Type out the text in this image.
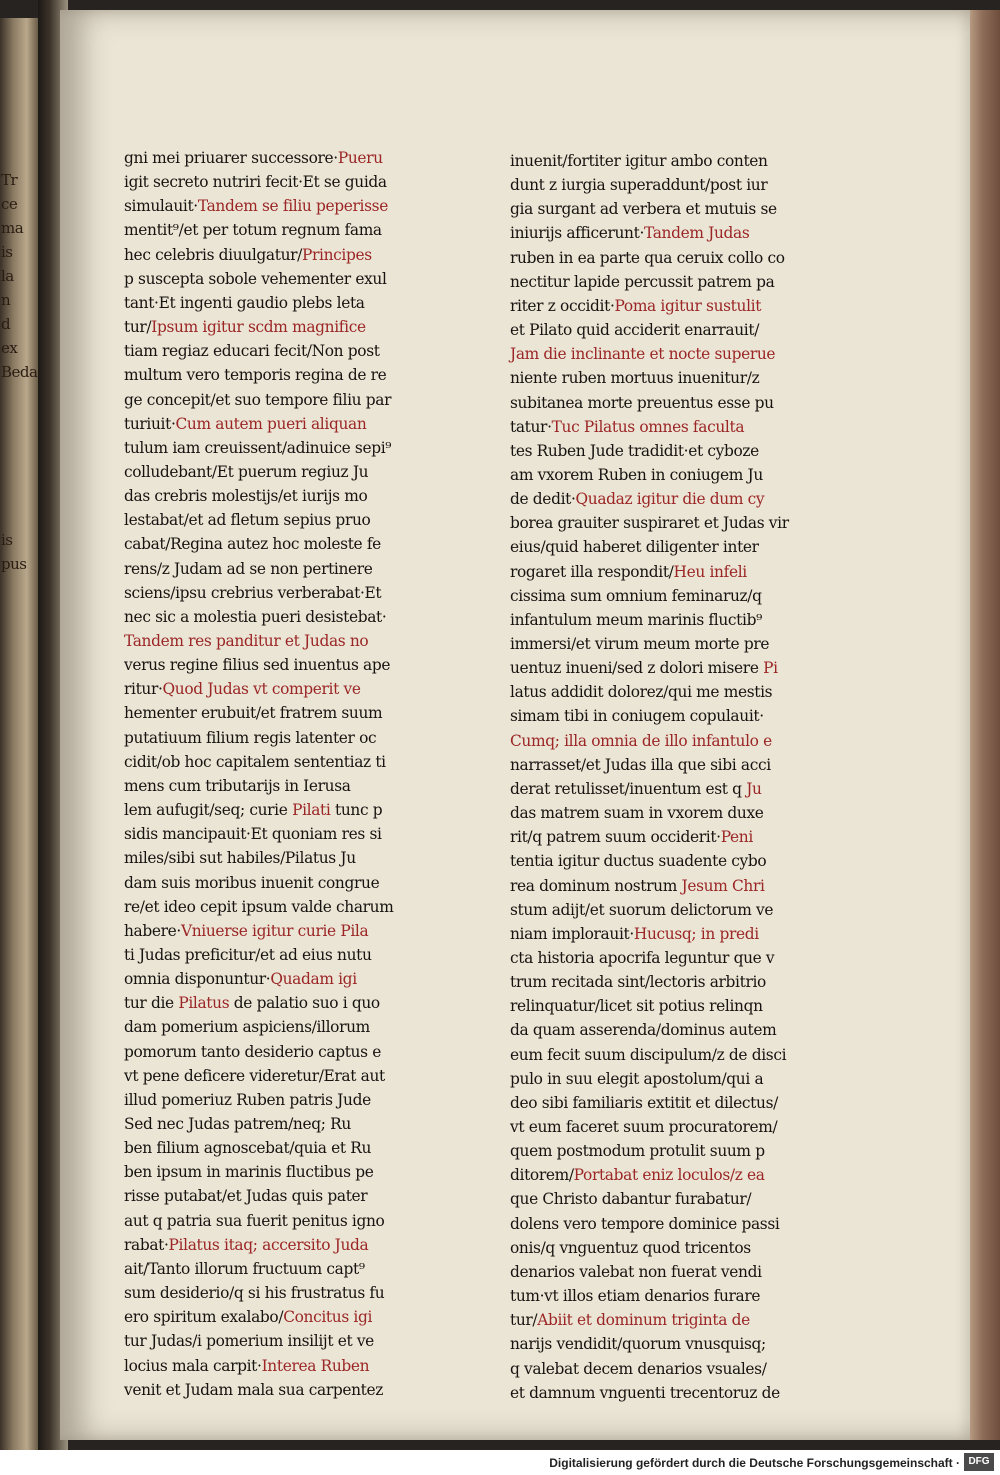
Tr
ce
ma
is
la
n
d
ex
Beda
is
pus
gni mei priuarer successore·Pueru
igit secreto nutriri fecit·Et se guida
simulauit·Tandem se filiu peperisse
mentit⁹/et per totum regnum fama
hec celebris diuulgatur/Principes
p suscepta sobole vehementer exul
tant·Et ingenti gaudio plebs leta
tur/Ipsum igitur scdm magnifice
tiam regiaz educari fecit/Non post
multum vero temporis regina de re
ge concepit/et suo tempore filiu par
turiuit·Cum autem pueri aliquan
tulum iam creuissent/adinuice sepi⁹
colludebant/Et puerum regiuz Ju
das crebris molestijs/et iurijs mo
lestabat/et ad fletum sepius pruo
cabat/Regina autez hoc moleste fe
rens/z Judam ad se non pertinere
sciens/ipsu crebrius verberabat·Et
nec sic a molestia pueri desistebat·
Tandem res panditur et Judas no
verus regine filius sed inuentus ape
ritur·Quod Judas vt comperit ve
hementer erubuit/et fratrem suum
putatiuum filium regis latenter oc
cidit/ob hoc capitalem sententiaz ti
mens cum tributarijs in Ierusa
lem aufugit/seq; curie Pilati tunc p
sidis mancipauit·Et quoniam res si
miles/sibi sut habiles/Pilatus Ju
dam suis moribus inuenit congrue
re/et ideo cepit ipsum valde charum
habere·Vniuerse igitur curie Pila
ti Judas preficitur/et ad eius nutu
omnia disponuntur·Quadam igi
tur die Pilatus de palatio suo i quo
dam pomerium aspiciens/illorum
pomorum tanto desiderio captus e
vt pene deficere videretur/Erat aut
illud pomeriuz Ruben patris Jude
Sed nec Judas patrem/neq; Ru
ben filium agnoscebat/quia et Ru
ben ipsum in marinis fluctibus pe
risse putabat/et Judas quis pater
aut q patria sua fuerit penitus igno
rabat·Pilatus itaq; accersito Juda
ait/Tanto illorum fructuum capt⁹
sum desiderio/q si his frustratus fu
ero spiritum exalabo/Concitus igi
tur Judas/i pomerium insilijt et ve
locius mala carpit·Interea Ruben
venit et Judam mala sua carpentez
inuenit/fortiter igitur ambo conten
dunt z iurgia superaddunt/post iur
gia surgant ad verbera et mutuis se
iniurijs afficerunt·Tandem Judas
ruben in ea parte qua ceruix collo co
nectitur lapide percussit patrem pa
riter z occidit·Poma igitur sustulit
et Pilato quid acciderit enarrauit/
Jam die inclinante et nocte superue
niente ruben mortuus inuenitur/z
subitanea morte preuentus esse pu
tatur·Tuc Pilatus omnes faculta
tes Ruben Jude tradidit·et cyboze
am vxorem Ruben in coniugem Ju
de dedit·Quadaz igitur die dum cy
borea grauiter suspiraret et Judas vir
eius/quid haberet diligenter inter
rogaret illa respondit/Heu infeli
cissima sum omnium feminaruz/q
infantulum meum marinis fluctib⁹
immersi/et virum meum morte pre
uentuz inueni/sed z dolori misere Pi
latus addidit dolorez/qui me mestis
simam tibi in coniugem copulauit·
Cumq; illa omnia de illo infantulo e
narrasset/et Judas illa que sibi acci
derat retulisset/inuentum est q Ju
das matrem suam in vxorem duxe
rit/q patrem suum occiderit·Peni
tentia igitur ductus suadente cybo
rea dominum nostrum Jesum Chri
stum adijt/et suorum delictorum ve
niam implorauit·Hucusq; in predi
cta historia apocrifa leguntur que v
trum recitada sint/lectoris arbitrio
relinquatur/licet sit potius relinqn
da quam asserenda/dominus autem
eum fecit suum discipulum/z de disci
pulo in suu elegit apostolum/qui a
deo sibi familiaris extitit et dilectus/
vt eum faceret suum procuratorem/
quem postmodum protulit suum p
ditorem/Portabat eniz loculos/z ea
que Christo dabantur furabatur/
dolens vero tempore dominice passi
onis/q vnguentuz quod tricentos
denarios valebat non fuerat vendi
tum·vt illos etiam denarios furare
tur/Abiit et dominum triginta de
narijs vendidit/quorum vnusquisq;
q valebat decem denarios vsuales/
et damnum vnguenti trecentoruz de
Digitalisierung gefördert durch die Deutsche Forschungsgemeinschaft · DFG
